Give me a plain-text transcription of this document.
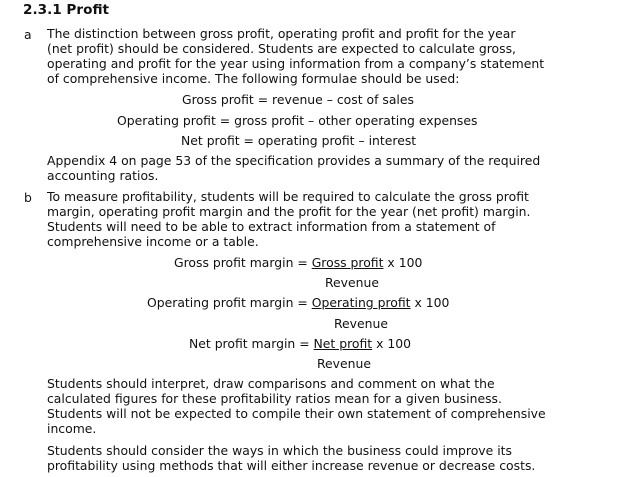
2.3.1 Profit
a The distinction between gross profit, operating profit and profit for the year
(net profit) should be considered. Students are expected to calculate gross,
operating and profit for the year using information from a company’s statement
of comprehensive income. The following formulae should be used:
Gross profit = revenue – cost of sales
Operating profit = gross profit – other operating expenses
Net profit = operating profit – interest
Appendix 4 on page 53 of the specification provides a summary of the required
accounting ratios.
b To measure profitability, students will be required to calculate the gross profit
margin, operating profit margin and the profit for the year (net profit) margin.
Students will need to be able to extract information from a statement of
comprehensive income or a table.
Gross profit margin = Gross profit x 100
Revenue
Operating profit margin = Operating profit x 100
Revenue
Net profit margin = Net profit x 100
Revenue
Students should interpret, draw comparisons and comment on what the
calculated figures for these profitability ratios mean for a given business.
Students will not be expected to compile their own statement of comprehensive
income.
Students should consider the ways in which the business could improve its
profitability using methods that will either increase revenue or decrease costs.
